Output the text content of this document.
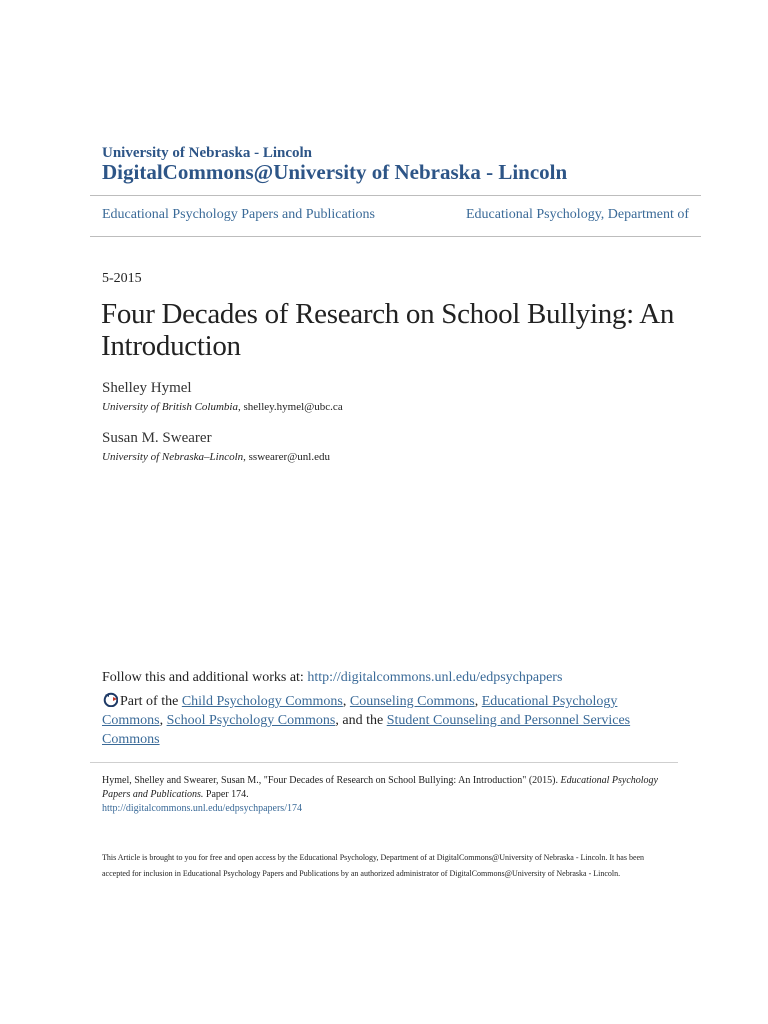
University of Nebraska - Lincoln
DigitalCommons@University of Nebraska - Lincoln
Educational Psychology Papers and Publications	Educational Psychology, Department of
5-2015
Four Decades of Research on School Bullying: An Introduction
Shelley Hymel
University of British Columbia, shelley.hymel@ubc.ca
Susan M. Swearer
University of Nebraska–Lincoln, sswearer@unl.edu
Follow this and additional works at: http://digitalcommons.unl.edu/edpsychpapers
Part of the Child Psychology Commons, Counseling Commons, Educational Psychology Commons, School Psychology Commons, and the Student Counseling and Personnel Services Commons
Hymel, Shelley and Swearer, Susan M., "Four Decades of Research on School Bullying: An Introduction" (2015). Educational Psychology Papers and Publications. Paper 174.
http://digitalcommons.unl.edu/edpsychpapers/174
This Article is brought to you for free and open access by the Educational Psychology, Department of at DigitalCommons@University of Nebraska - Lincoln. It has been accepted for inclusion in Educational Psychology Papers and Publications by an authorized administrator of DigitalCommons@University of Nebraska - Lincoln.
